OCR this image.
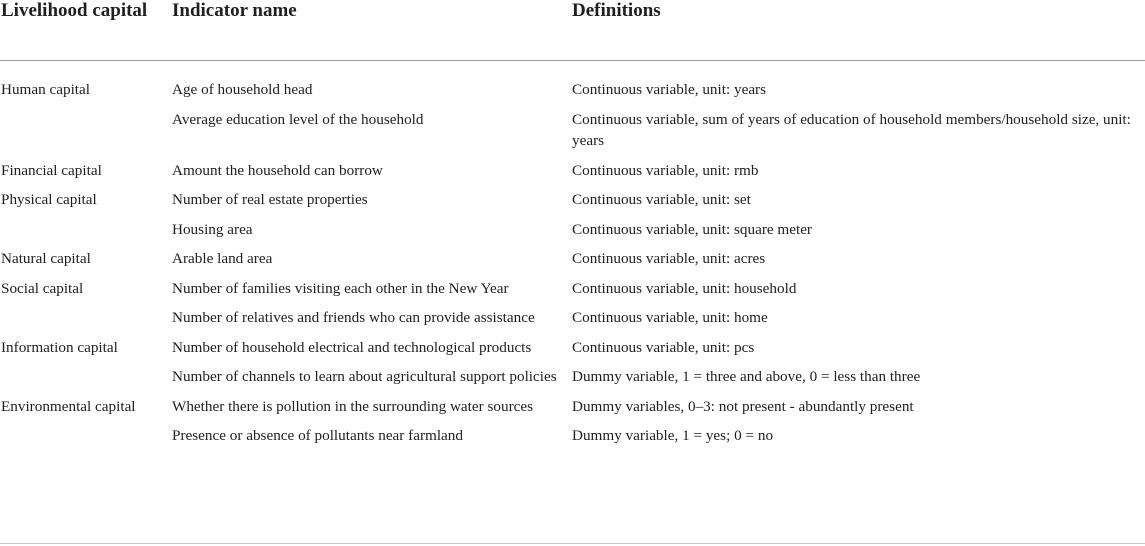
Livelihood capital	Indicator name	Definitions
Human capital	Age of household head	Continuous variable, unit: years
	Average education level of the household	Continuous variable, sum of years of education of household members/household size, unit: years
Financial capital	Amount the household can borrow	Continuous variable, unit: rmb
Physical capital	Number of real estate properties	Continuous variable, unit: set
	Housing area	Continuous variable, unit: square meter
Natural capital	Arable land area	Continuous variable, unit: acres
Social capital	Number of families visiting each other in the New Year	Continuous variable, unit: household
	Number of relatives and friends who can provide assistance	Continuous variable, unit: home
Information capital	Number of household electrical and technological products	Continuous variable, unit: pcs
	Number of channels to learn about agricultural support policies	Dummy variable, 1 = three and above, 0 = less than three
Environmental capital	Whether there is pollution in the surrounding water sources	Dummy variables, 0–3: not present - abundantly present
	Presence or absence of pollutants near farmland	Dummy variable, 1 = yes; 0 = no
